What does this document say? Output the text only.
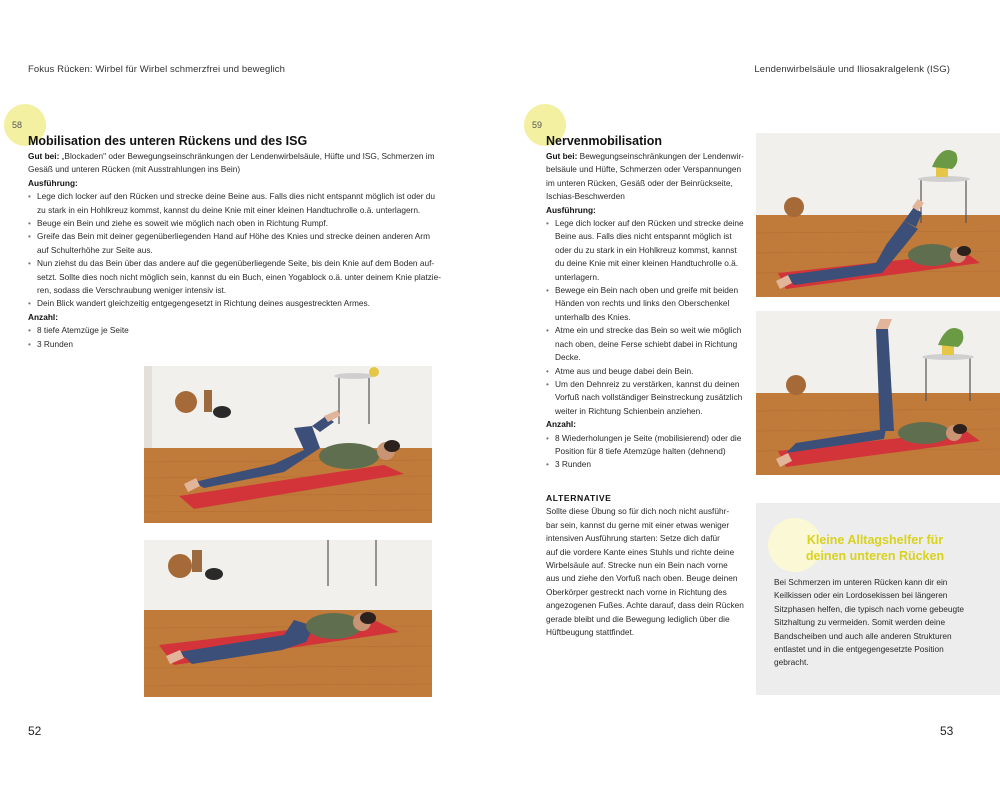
Fokus Rücken: Wirbel für Wirbel schmerzfrei und beweglich
58
Mobilisation des unteren Rückens und des ISG
Gut bei: „Blockaden" oder Bewegungseinschränkungen der Lendenwirbelsäule, Hüfte und ISG, Schmerzen im
Gesäß und unteren Rücken (mit Ausstrahlungen ins Bein)
Ausführung:
• Lege dich locker auf den Rücken und strecke deine Beine aus. Falls dies nicht entspannt möglich ist oder du
zu stark in ein Hohlkreuz kommst, kannst du deine Knie mit einer kleinen Handtuchrolle o.ä. unterlagern.
• Beuge ein Bein und ziehe es soweit wie möglich nach oben in Richtung Rumpf.
• Greife das Bein mit deiner gegenüberliegenden Hand auf Höhe des Knies und strecke deinen anderen Arm
auf Schulterhöhe zur Seite aus.
• Nun ziehst du das Bein über das andere auf die gegenüberliegende Seite, bis dein Knie auf dem Boden auf-
setzt. Sollte dies noch nicht möglich sein, kannst du ein Buch, einen Yogablock o.ä. unter deinem Knie platzie-
ren, sodass die Verschraubung weniger intensiv ist.
• Dein Blick wandert gleichzeitig entgegengesetzt in Richtung deines ausgestreckten Armes.
Anzahl:
• 8 tiefe Atemzüge je Seite
• 3 Runden
52
Lendenwirbelsäule und Iliosakralgelenk (ISG)
59
Nervenmobilisation
Gut bei: Bewegungseinschränkungen der Lendenwir-
belsäule und Hüfte, Schmerzen oder Verspannungen
im unteren Rücken, Gesäß oder der Beinrückseite,
Ischias-Beschwerden
Ausführung:
• Lege dich locker auf den Rücken und strecke deine
Beine aus. Falls dies nicht entspannt möglich ist
oder du zu stark in ein Hohlkreuz kommst, kannst
du deine Knie mit einer kleinen Handtuchrolle o.ä.
unterlagern.
• Bewege ein Bein nach oben und greife mit beiden
Händen von rechts und links den Oberschenkel
unterhalb des Knies.
• Atme ein und strecke das Bein so weit wie möglich
nach oben, deine Ferse schiebt dabei in Richtung
Decke.
• Atme aus und beuge dabei dein Bein.
• Um den Dehnreiz zu verstärken, kannst du deinen
Vorfuß nach vollständiger Beinstreckung zusätzlich
weiter in Richtung Schienbein anziehen.
Anzahl:
• 8 Wiederholungen je Seite (mobilisierend) oder die
Position für 8 tiefe Atemzüge halten (dehnend)
• 3 Runden
ALTERNATIVE
Sollte diese Übung so für dich noch nicht ausführ-
bar sein, kannst du gerne mit einer etwas weniger
intensiven Ausführung starten: Setze dich dafür
auf die vordere Kante eines Stuhls und richte deine
Wirbelsäule auf. Strecke nun ein Bein nach vorne
aus und ziehe den Vorfuß nach oben. Beuge deinen
Oberkörper gestreckt nach vorne in Richtung des
angezogenen Fußes. Achte darauf, dass dein Rücken
gerade bleibt und die Bewegung lediglich über die
Hüftbeugung stattfindet.
Kleine Alltagshelfer für
deinen unteren Rücken
Bei Schmerzen im unteren Rücken kann dir ein
Keilkissen oder ein Lordosekissen bei längeren
Sitzphasen helfen, die typisch nach vorne gebeugte
Sitzhaltung zu vermeiden. Somit werden deine
Bandscheiben und auch alle anderen Strukturen
entlastet und in die entgegengesetzte Position
gebracht.
53
